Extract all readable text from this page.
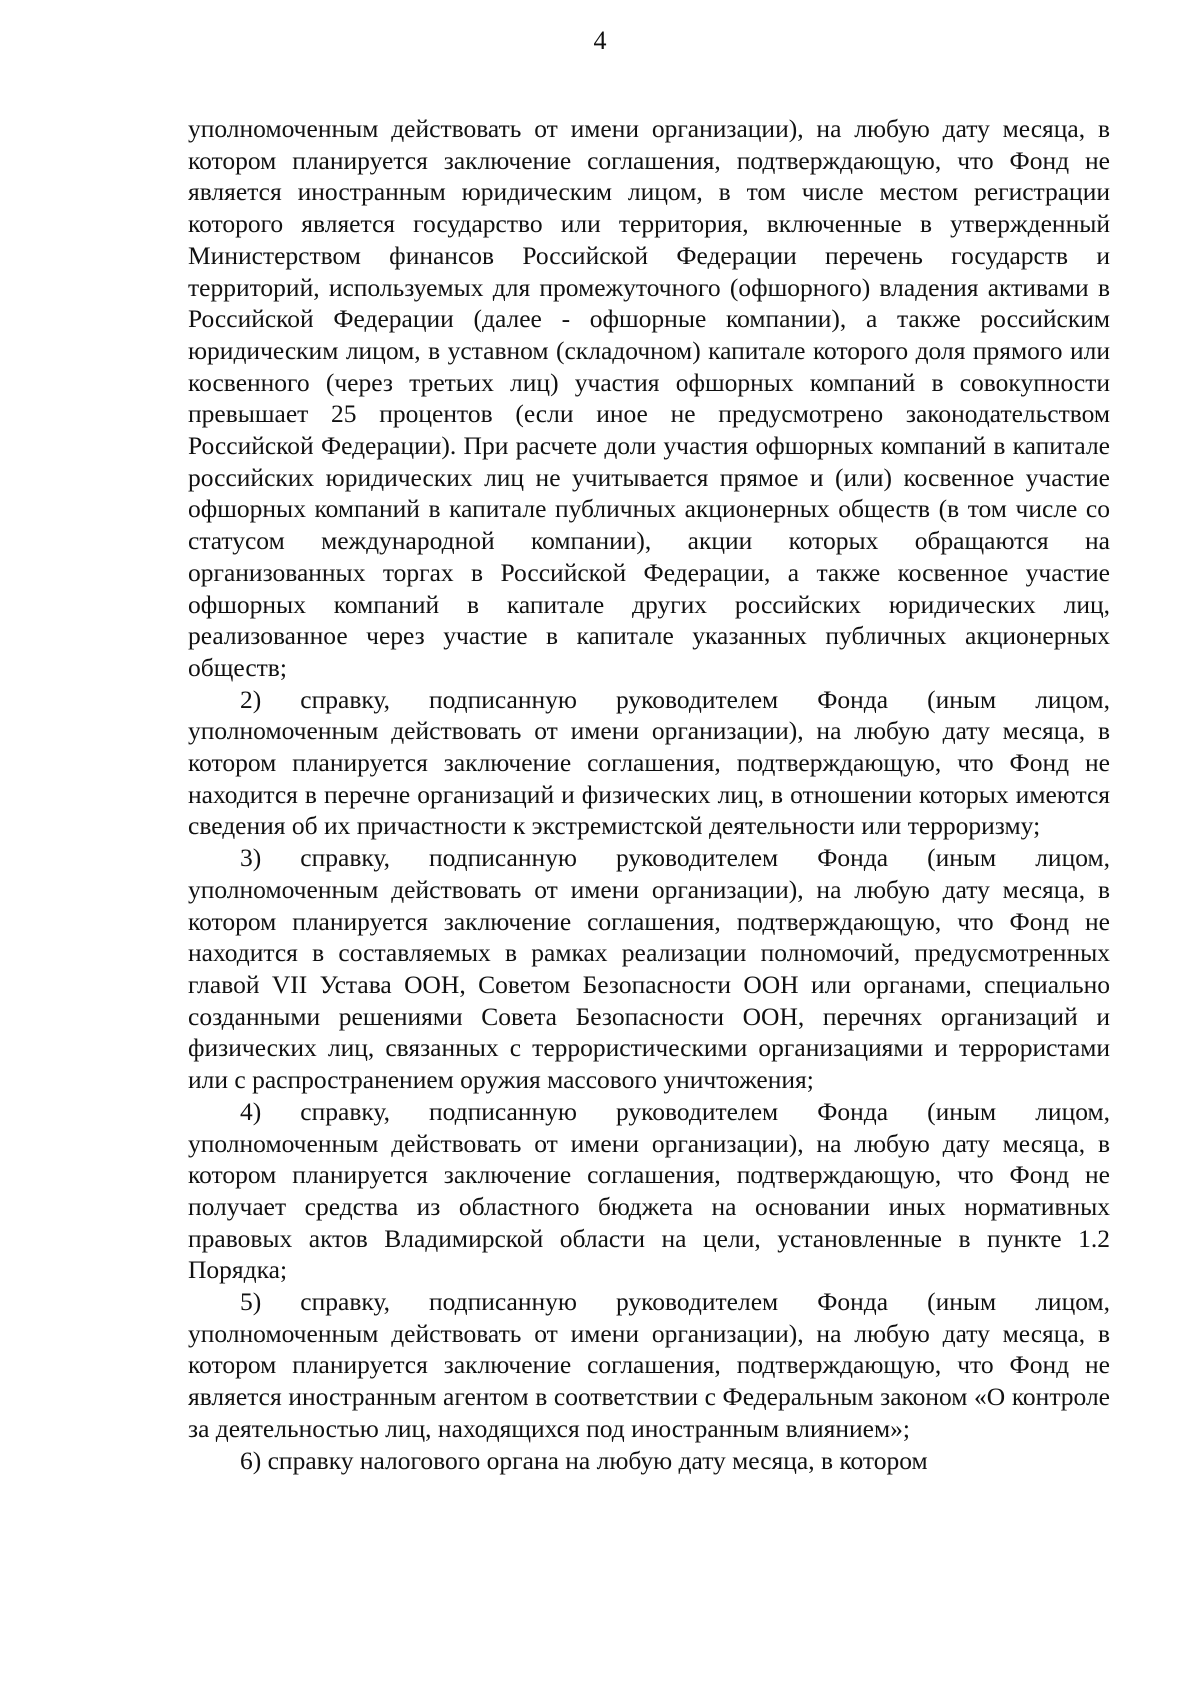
4

уполномоченным действовать от имени организации), на любую дату месяца, в котором планируется заключение соглашения, подтверждающую, что Фонд не является иностранным юридическим лицом, в том числе местом регистрации которого является государство или территория, включенные в утвержденный Министерством финансов Российской Федерации перечень государств и территорий, используемых для промежуточного (офшорного) владения активами в Российской Федерации (далее - офшорные компании), а также российским юридическим лицом, в уставном (складочном) капитале которого доля прямого или косвенного (через третьих лиц) участия офшорных компаний в совокупности превышает 25 процентов (если иное не предусмотрено законодательством Российской Федерации). При расчете доли участия офшорных компаний в капитале российских юридических лиц не учитывается прямое и (или) косвенное участие офшорных компаний в капитале публичных акционерных обществ (в том числе со статусом международной компании), акции которых обращаются на организованных торгах в Российской Федерации, а также косвенное участие офшорных компаний в капитале других российских юридических лиц, реализованное через участие в капитале указанных публичных акционерных обществ;

2) справку, подписанную руководителем Фонда (иным лицом, уполномоченным действовать от имени организации), на любую дату месяца, в котором планируется заключение соглашения, подтверждающую, что Фонд не находится в перечне организаций и физических лиц, в отношении которых имеются сведения об их причастности к экстремистской деятельности или терроризму;

3) справку, подписанную руководителем Фонда (иным лицом, уполномоченным действовать от имени организации), на любую дату месяца, в котором планируется заключение соглашения, подтверждающую, что Фонд не находится в составляемых в рамках реализации полномочий, предусмотренных главой VII Устава ООН, Советом Безопасности ООН или органами, специально созданными решениями Совета Безопасности ООН, перечнях организаций и физических лиц, связанных с террористическими организациями и террористами или с распространением оружия массового уничтожения;

4) справку, подписанную руководителем Фонда (иным лицом, уполномоченным действовать от имени организации), на любую дату месяца, в котором планируется заключение соглашения, подтверждающую, что Фонд не получает средства из областного бюджета на основании иных нормативных правовых актов Владимирской области на цели, установленные в пункте 1.2 Порядка;

5) справку, подписанную руководителем Фонда (иным лицом, уполномоченным действовать от имени организации), на любую дату месяца, в котором планируется заключение соглашения, подтверждающую, что Фонд не является иностранным агентом в соответствии с Федеральным законом «О контроле за деятельностью лиц, находящихся под иностранным влиянием»;

6) справку налогового органа на любую дату месяца, в котором
